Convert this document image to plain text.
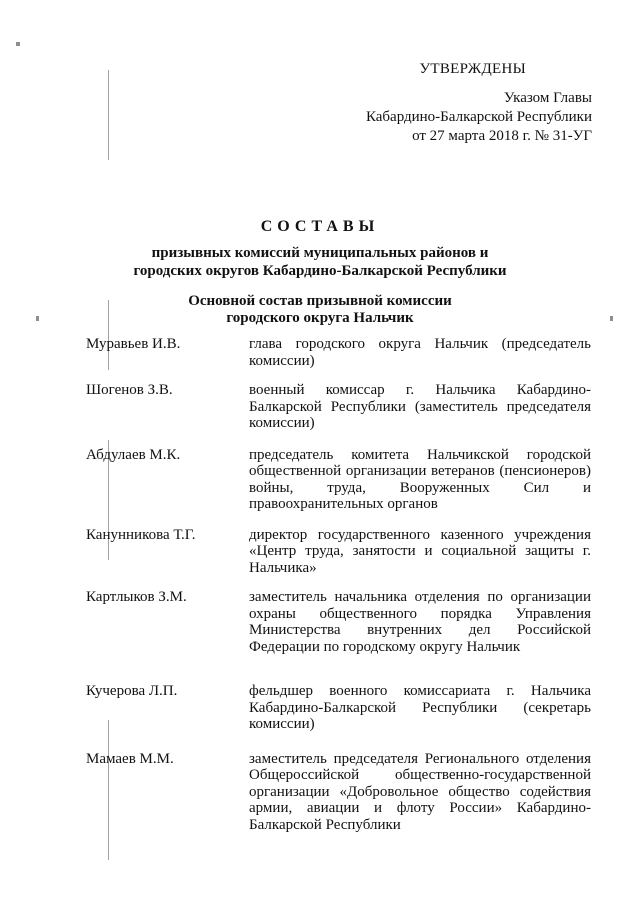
УТВЕРЖДЕНЫ
Указом Главы
Кабардино-Балкарской Республики
от 27 марта 2018 г. № 31-УГ
СОСТАВЫ
призывных комиссий муниципальных районов и
городских округов Кабардино-Балкарской Республики
Основной состав призывной комиссии
городского округа Нальчик
Муравьев И.В.	глава городского округа Нальчик (председатель комиссии)
Шогенов З.В.	военный комиссар г. Нальчика Кабардино-Балкарской Республики (заместитель председателя комиссии)
Абдулаев М.К.	председатель комитета Нальчикской городской общественной организации ветеранов (пенсионеров) войны, труда, Вооруженных Сил и правоохранительных органов
Канунникова Т.Г.	директор государственного казенного учреждения «Центр труда, занятости и социальной защиты г. Нальчика»
Картлыков З.М.	заместитель начальника отделения по организации охраны общественного порядка Управления Министерства внутренних дел Российской Федерации по городскому округу Нальчик
Кучерова Л.П.	фельдшер военного комиссариата г. Нальчика Кабардино-Балкарской Республики (секретарь комиссии)
Мамаев М.М.	заместитель председателя Регионального отделения Общероссийской общественно-государственной организации «Добровольное общество содействия армии, авиации и флоту России» Кабардино-Балкарской Республики
